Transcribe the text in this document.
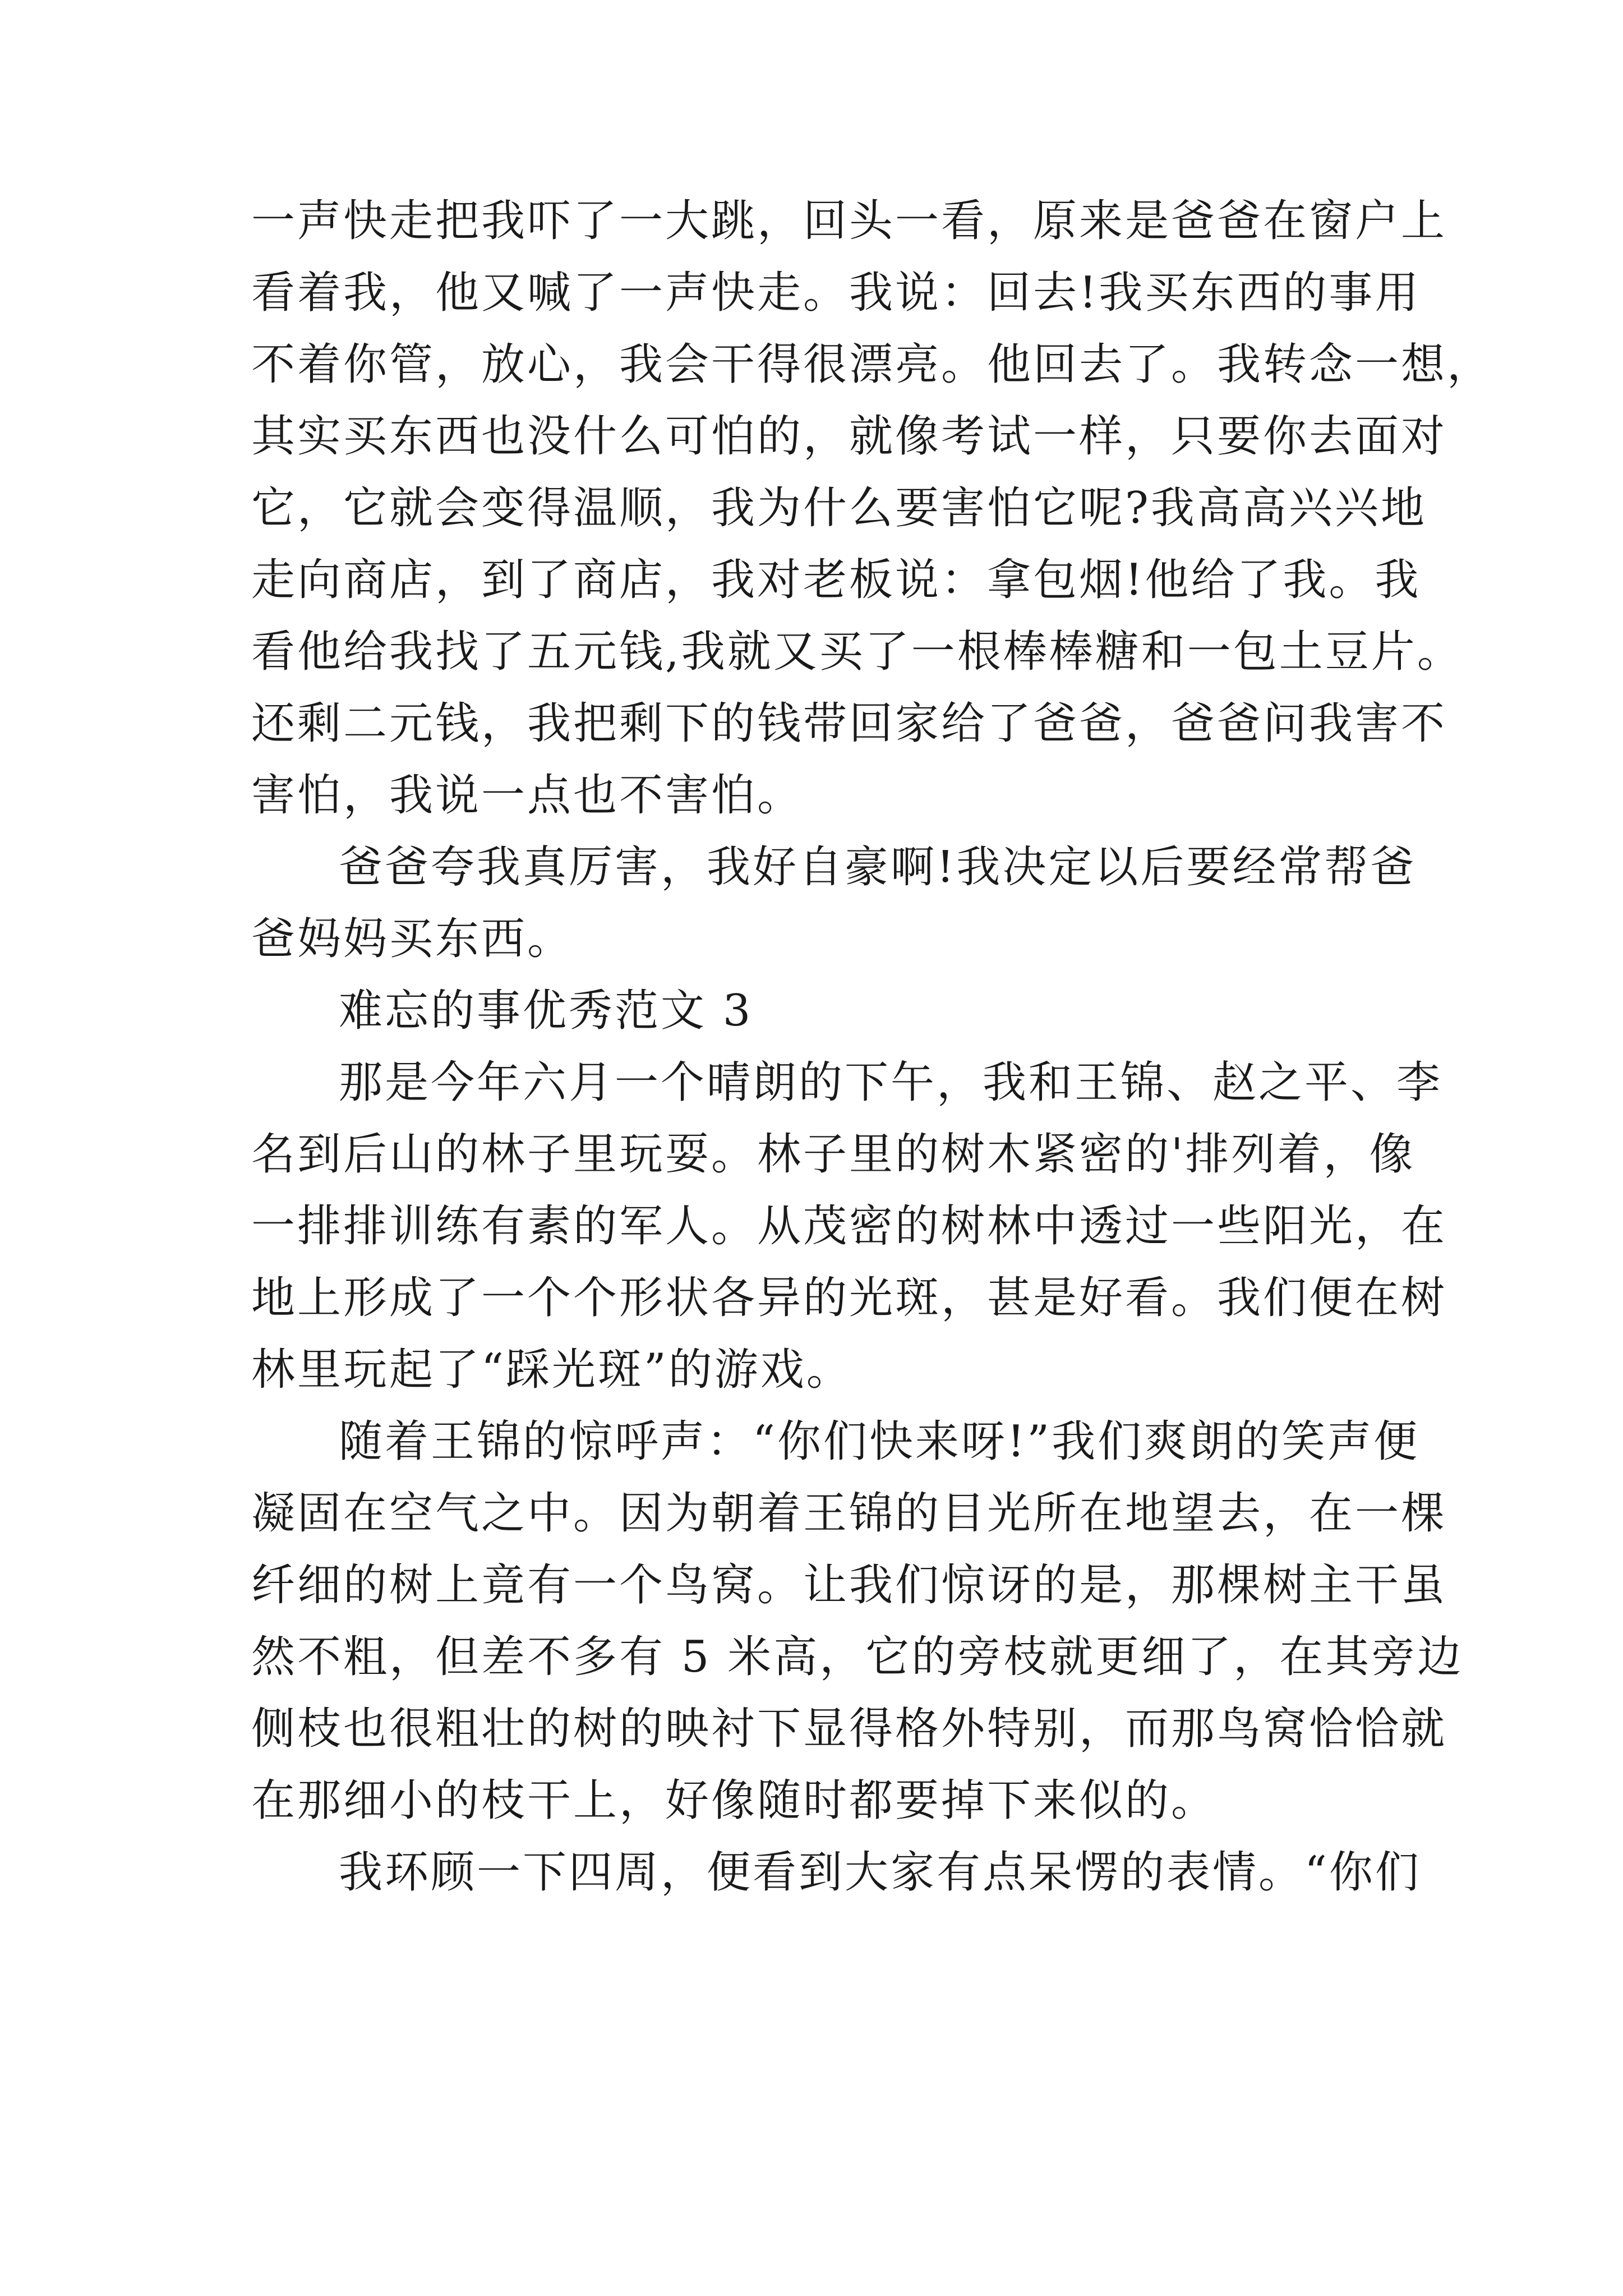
一声快走把我吓了一大跳，回头一看，原来是爸爸在窗户上
看着我，他又喊了一声快走。我说：回去!我买东西的事用
不着你管，放心，我会干得很漂亮。他回去了。我转念一想，
其实买东西也没什么可怕的，就像考试一样，只要你去面对
它，它就会变得温顺，我为什么要害怕它呢?我高高兴兴地
走向商店，到了商店，我对老板说：拿包烟!他给了我。我
看他给我找了五元钱,我就又买了一根棒棒糖和一包土豆片。
还剩二元钱，我把剩下的钱带回家给了爸爸，爸爸问我害不
害怕，我说一点也不害怕。
爸爸夸我真厉害，我好自豪啊!我决定以后要经常帮爸
爸妈妈买东西。
难忘的事优秀范文 3
那是今年六月一个晴朗的下午，我和王锦、赵之平、李
名到后山的林子里玩耍。林子里的树木紧密的'排列着，像
一排排训练有素的军人。从茂密的树林中透过一些阳光，在
地上形成了一个个形状各异的光斑，甚是好看。我们便在树
林里玩起了“踩光斑”的游戏。
随着王锦的惊呼声：“你们快来呀!”我们爽朗的笑声便
凝固在空气之中。因为朝着王锦的目光所在地望去，在一棵
纤细的树上竟有一个鸟窝。让我们惊讶的是，那棵树主干虽
然不粗，但差不多有 5 米高，它的旁枝就更细了，在其旁边
侧枝也很粗壮的树的映衬下显得格外特别，而那鸟窝恰恰就
在那细小的枝干上，好像随时都要掉下来似的。
我环顾一下四周，便看到大家有点呆愣的表情。“你们
